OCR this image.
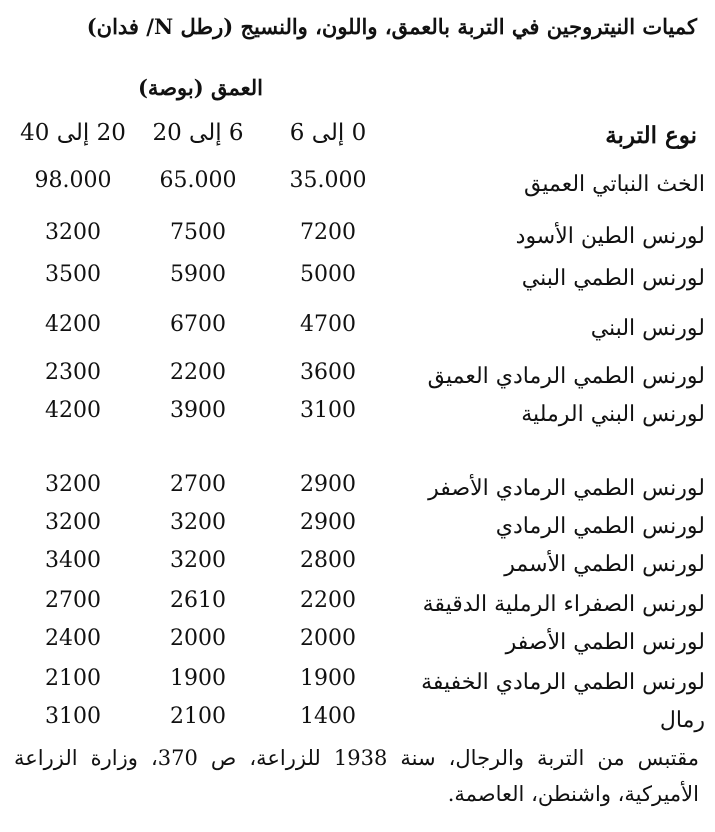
كميات النيتروجين في التربة بالعمق، واللون، والنسيج (رطل N/ فدان)
العمق (بوصة)
نوع التربة
0 إلى 6
6 إلى 20
20 إلى 40
الخث النباتي العميق
35.000
65.000
98.000
لورنس الطين الأسود
7200
7500
3200
لورنس الطمي البني
5000
5900
3500
لورنس البني
4700
6700
4200
لورنس الطمي الرمادي العميق
3600
2200
2300
لورنس البني الرملية
3100
3900
4200
لورنس الطمي الرمادي الأصفر
2900
2700
3200
لورنس الطمي الرمادي
2900
3200
3200
لورنس الطمي الأسمر
2800
3200
3400
لورنس الصفراء الرملية الدقيقة
2200
2610
2700
لورنس الطمي الأصفر
2000
2000
2400
لورنس الطمي الرمادي الخفيفة
1900
1900
2100
رمال
1400
2100
3100
مقتبس من التربة والرجال، سنة 1938 للزراعة، ص 370، وزارة الزراعة الأميركية، واشنطن، العاصمة.
